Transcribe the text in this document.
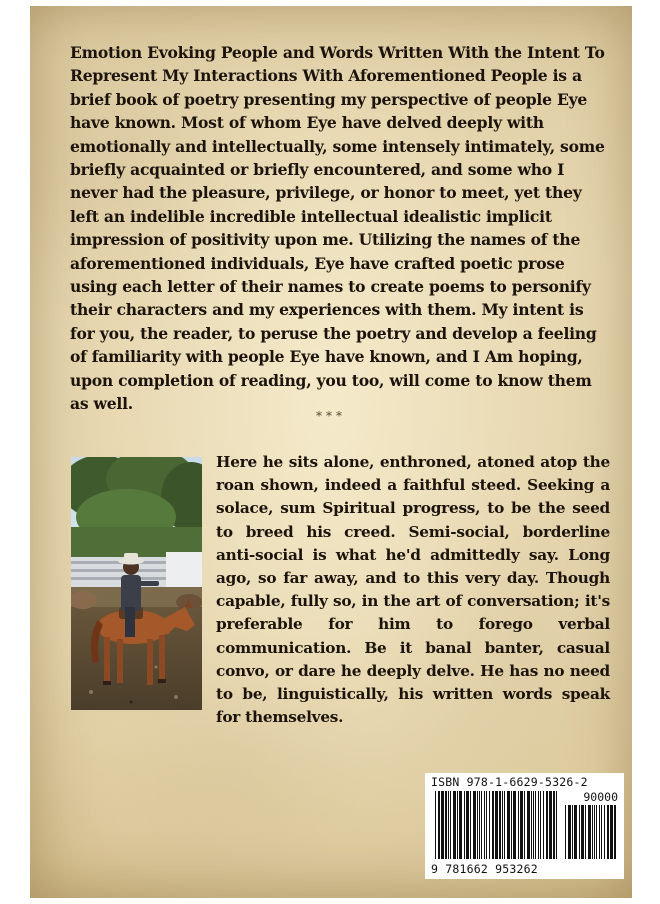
Emotion Evoking People and Words Written With the Intent To Represent My Interactions With Aforementioned People is a brief book of poetry presenting my perspective of people Eye have known. Most of whom Eye have delved deeply with emotionally and intellectually, some intensely intimately, some briefly acquainted or briefly encountered, and some who I never had the pleasure, privilege, or honor to meet, yet they left an indelible incredible intellectual idealistic implicit impression of positivity upon me. Utilizing the names of the aforementioned individuals, Eye have crafted poetic prose using each letter of their names to create poems to personify their characters and my experiences with them. My intent is for you, the reader, to peruse the poetry and develop a feeling of familiarity with people Eye have known, and I Am hoping, upon completion of reading, you too, will come to know them as well.

***

Here he sits alone, enthroned, atoned atop the roan shown, indeed a faithful steed. Seeking a solace, sum Spiritual progress, to be the seed to breed his creed. Semi-social, borderline anti-social is what he'd admittedly say. Long ago, so far away, and to this very day. Though capable, fully so, in the art of conversation; it's preferable for him to forego verbal communication. Be it banal banter, casual convo, or dare he deeply delve. He has no need to be, linguistically, his written words speak for themselves.

ISBN 978-1-6629-5326-2
90000
9 781662 953262
